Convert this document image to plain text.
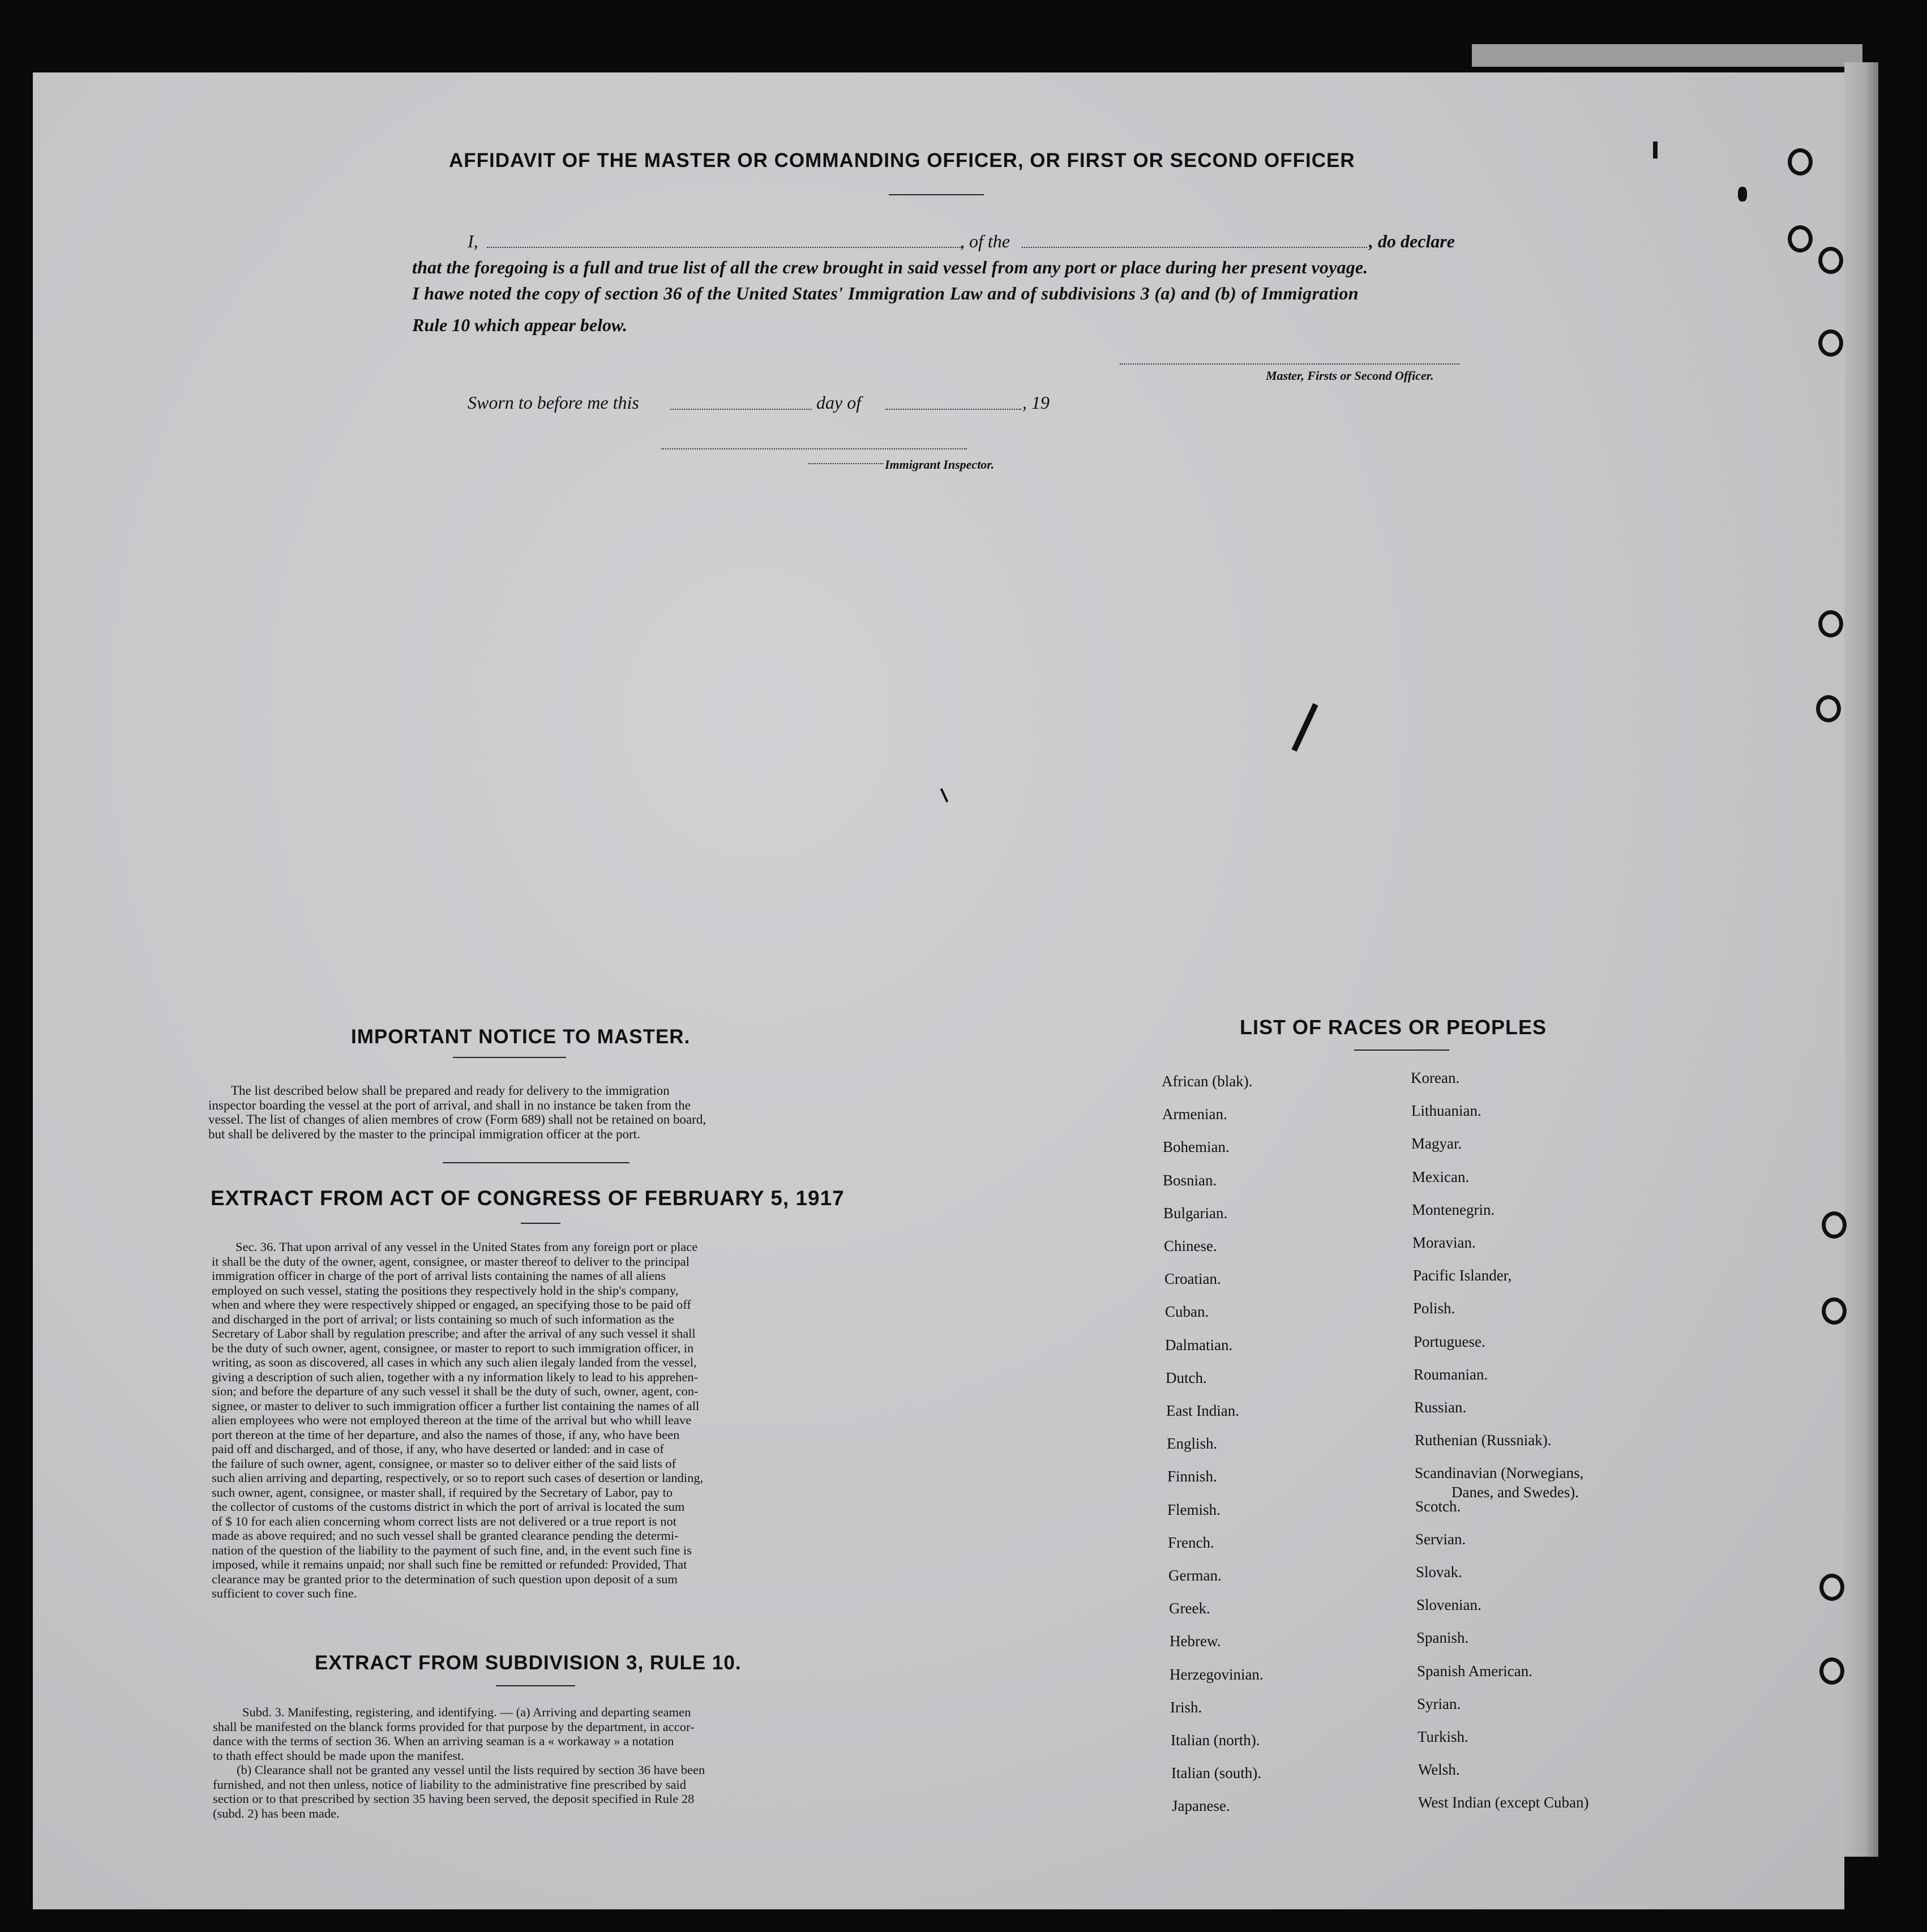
AFFIDAVIT OF THE MASTER OR COMMANDING OFFICER, OR FIRST OR SECOND OFFICER
I,	, of the	, do declare
that the foregoing is a full and true list of all the crew brought in said vessel from any port or place during her present voyage.
I hawe noted the copy of section 36 of the United States' Immigration Law and of subdivisions 3 (a) and (b) of Immigration
Rule 10 which appear below.
Master, Firsts or Second Officer.
Sworn to before me this	day of	, 19
Immigrant Inspector.
IMPORTANT NOTICE TO MASTER.
The list described below shall be prepared and ready for delivery to the immigration
inspector boarding the vessel at the port of arrival, and shall in no instance be taken from the
vessel. The list of changes of alien membres of crow (Form 689) shall not be retained on board,
but shall be delivered by the master to the principal immigration officer at the port.
EXTRACT FROM ACT OF CONGRESS OF FEBRUARY 5, 1917
Sec. 36. That upon arrival of any vessel in the United States from any foreign port or place
it shall be the duty of the owner, agent, consignee, or master thereof to deliver to the principal
immigration officer in charge of the port of arrival lists containing the names of all aliens
employed on such vessel, stating the positions they respectively hold in the ship's company,
when and where they were respectively shipped or engaged, an specifying those to be paid off
and discharged in the port of arrival; or lists containing so much of such information as the
Secretary of Labor shall by regulation prescribe; and after the arrival of any such vessel it shall
be the duty of such owner, agent, consignee, or master to report to such immigration officer, in
writing, as soon as discovered, all cases in which any such alien ilegaly landed from the vessel,
giving a description of such alien, together with a ny information likely to lead to his apprehen-
sion; and before the departure of any such vessel it shall be the duty of such, owner, agent, con-
signee, or master to deliver to such immigration officer a further list containing the names of all
alien employees who were not employed thereon at the time of the arrival but who whill leave
port thereon at the time of her departure, and also the names of those, if any, who have been
paid off and discharged, and of those, if any, who have deserted or landed: and in case of
the failure of such owner, agent, consignee, or master so to deliver either of the said lists of
such alien arriving and departing, respectively, or so to report such cases of desertion or landing,
such owner, agent, consignee, or master shall, if required by the Secretary of Labor, pay to
the collector of customs of the customs district in which the port of arrival is located the sum
of $ 10 for each alien concerning whom correct lists are not delivered or a true report is not
made as above required; and no such vessel shall be granted clearance pending the determi-
nation of the question of the liability to the payment of such fine, and, in the event such fine is
imposed, while it remains unpaid; nor shall such fine be remitted or refunded: Provided, That
clearance may be granted prior to the determination of such question upon deposit of a sum
sufficient to cover such fine.
EXTRACT FROM SUBDIVISION 3, RULE 10.
Subd. 3. Manifesting, registering, and identifying. — (a) Arriving and departing seamen
shall be manifested on the blanck forms provided for that purpose by the department, in accor-
dance with the terms of section 36. When an arriving seaman is a « workaway » a notation
to thath effect should be made upon the manifest.
(b) Clearance shall not be granted any vessel until the lists required by section 36 have been
furnished, and not then unless, notice of liability to the administrative fine prescribed by said
section or to that prescribed by section 35 having been served, the deposit specified in Rule 28
(subd. 2) has been made.
LIST OF RACES OR PEOPLES
African (blak).
Armenian.
Bohemian.
Bosnian.
Bulgarian.
Chinese.
Croatian.
Cuban.
Dalmatian.
Dutch.
East Indian.
English.
Finnish.
Flemish.
French.
German.
Greek.
Hebrew.
Herzegovinian.
Irish.
Italian (north).
Italian (south).
Japanese.
Korean.
Lithuanian.
Magyar.
Mexican.
Montenegrin.
Moravian.
Pacific Islander,
Polish.
Portuguese.
Roumanian.
Russian.
Ruthenian (Russniak).
Scandinavian (Norwegians,
Danes, and Swedes).
Scotch.
Servian.
Slovak.
Slovenian.
Spanish.
Spanish American.
Syrian.
Turkish.
Welsh.
West Indian (except Cuban)
